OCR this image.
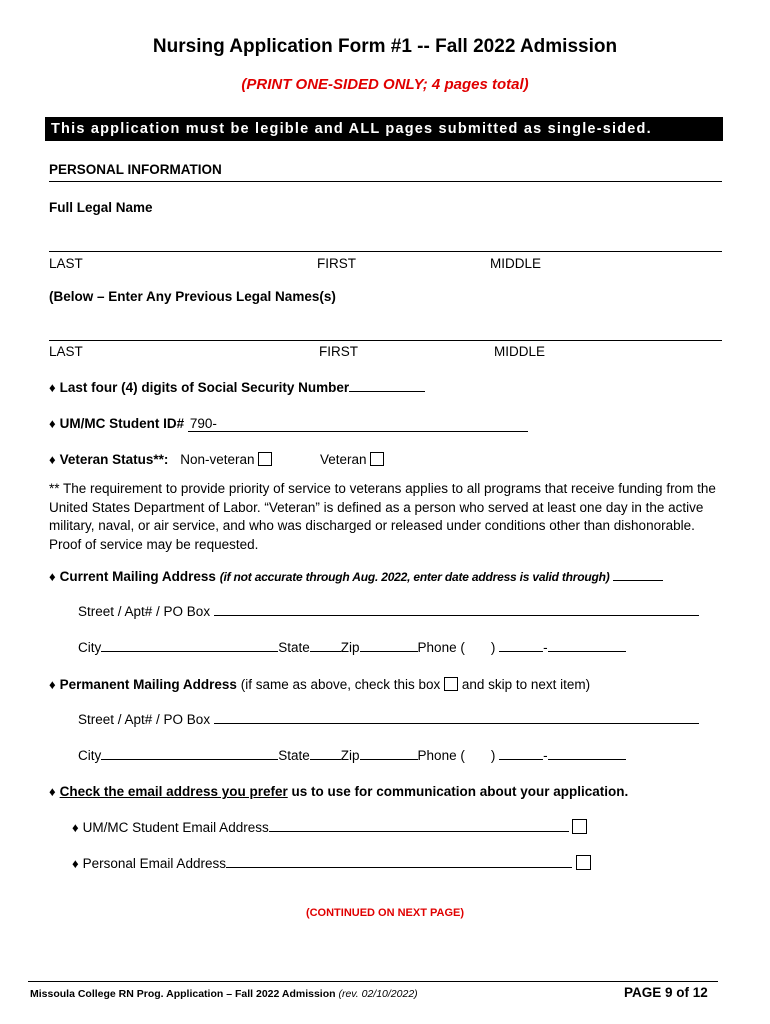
Nursing Application Form #1 -- Fall 2022 Admission
(PRINT ONE-SIDED ONLY; 4 pages total)
This application must be legible and ALL pages submitted as single-sided.
PERSONAL INFORMATION
Full Legal Name
LAST	FIRST	MIDDLE
(Below – Enter Any Previous Legal Names(s)
LAST	FIRST	MIDDLE
♦ Last four (4) digits of Social Security Number
♦ UM/MC Student ID# 790-
♦ Veteran Status**: Non-veteran	Veteran
** The requirement to provide priority of service to veterans applies to all programs that receive funding from the United States Department of Labor. “Veteran” is defined as a person who served at least one day in the active military, naval, or air service, and who was discharged or released under conditions other than dishonorable. Proof of service may be requested.
♦ Current Mailing Address (if not accurate through Aug. 2022, enter date address is valid through)
Street / Apt# / PO Box
City	State Zip	Phone ( )	-
♦ Permanent Mailing Address (if same as above, check this box and skip to next item)
Street / Apt# / PO Box
City	State Zip	Phone ( )	-
♦ Check the email address you prefer us to use for communication about your application.
♦ UM/MC Student Email Address
♦ Personal Email Address
(CONTINUED ON NEXT PAGE)
Missoula College RN Prog. Application – Fall 2022 Admission (rev. 02/10/2022)	PAGE 9 of 12
